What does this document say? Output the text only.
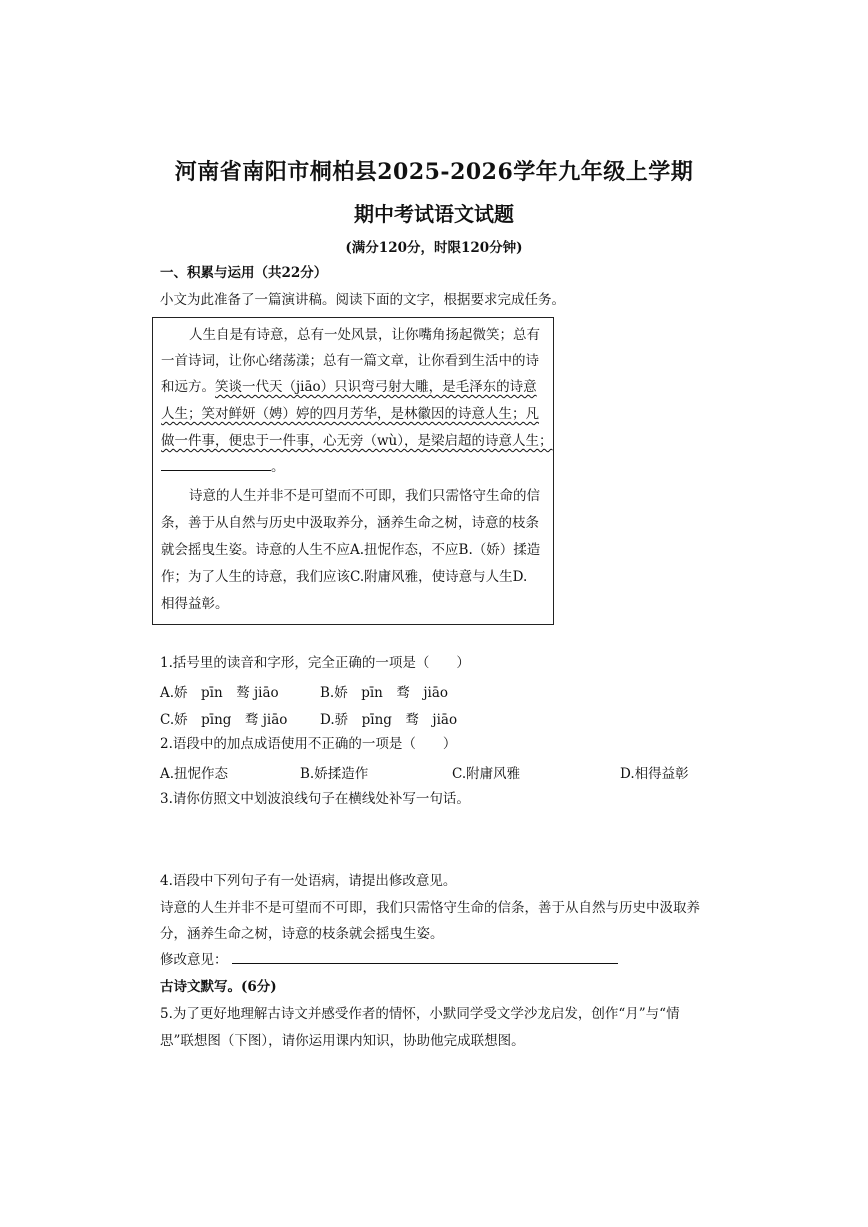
河南省南阳市桐柏县2025-2026学年九年级上学期
期中考试语文试题
(满分120分，时限120分钟)
一、积累与运用（共22分）
小文为此准备了一篇演讲稿。阅读下面的文字，根据要求完成任务。
人生自是有诗意，总有一处风景，让你嘴角扬起微笑；总有
一首诗词，让你心绪荡漾；总有一篇文章，让你看到生活中的诗
和远方。笑谈一代天（jiāo）只识弯弓射大雕，是毛泽东的诗意
人生；笑对鲜妍（娉）婷的四月芳华，是林徽因的诗意人生；凡
做一件事，便忠于一件事，心无旁（wù），是梁启超的诗意人生；
。
诗意的人生并非不是可望而不可即，我们只需恪守生命的信
条，善于从自然与历史中汲取养分，涵养生命之树，诗意的枝条
就会摇曳生姿。诗意的人生不应A.扭怩作态，不应B.（娇）揉造
作；为了人生的诗意，我们应该C.附庸风雅，使诗意与人生D.
相得益彰。
1.括号里的读音和字形，完全正确的一项是（　　）
A.娇　pīn　骜 jiāo	B.娇　pīn　骛　jiāo
C.娇　pīng　骛 jiāo D.骄　pīng　骛　jiāo
2.语段中的加点成语使用不正确的一项是（　　）
A.扭怩作态	B.娇揉造作	C.附庸风雅	D.相得益彰
3.请你仿照文中划波浪线句子在横线处补写一句话。
4.语段中下列句子有一处语病，请提出修改意见。
诗意的人生并非不是可望而不可即，我们只需恪守生命的信条，善于从自然与历史中汲取养
分，涵养生命之树，诗意的枝条就会摇曳生姿。
修改意见：
古诗文默写。(6分)
5.为了更好地理解古诗文并感受作者的情怀，小默同学受文学沙龙启发，创作“月”与“情
思”联想图（下图），请你运用课内知识，协助他完成联想图。
